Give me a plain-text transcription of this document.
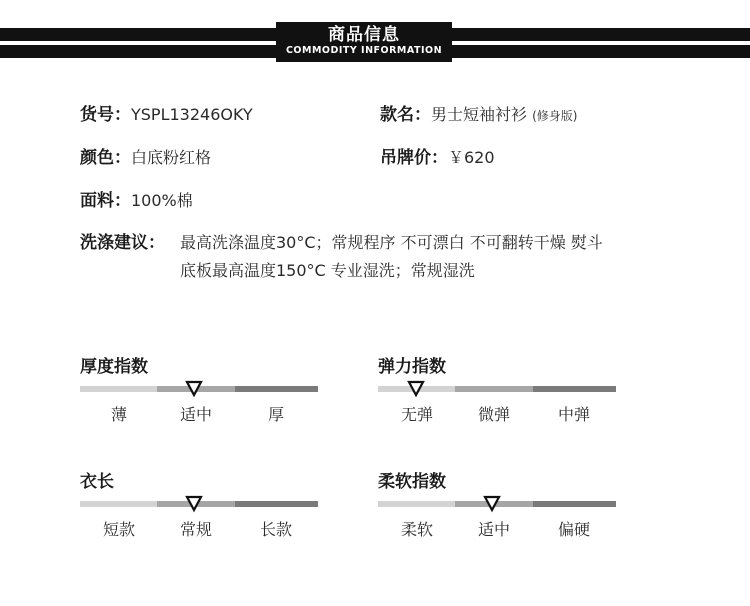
商品信息
COMMODITY INFORMATION
货号：YSPL13246OKY	款名：男士短袖衬衫 (修身版)
颜色：白底粉红格	吊牌价：￥620
面料：100%棉
洗涤建议： 最高洗涤温度30°C；常规程序 不可漂白 不可翻转干燥 熨斗
底板最高温度150°C 专业湿洗；常规湿洗
厚度指数
薄	适中	厚
弹力指数
无弹	微弹	中弹
衣长
短款	常规	长款
柔软指数
柔软	适中	偏硬
